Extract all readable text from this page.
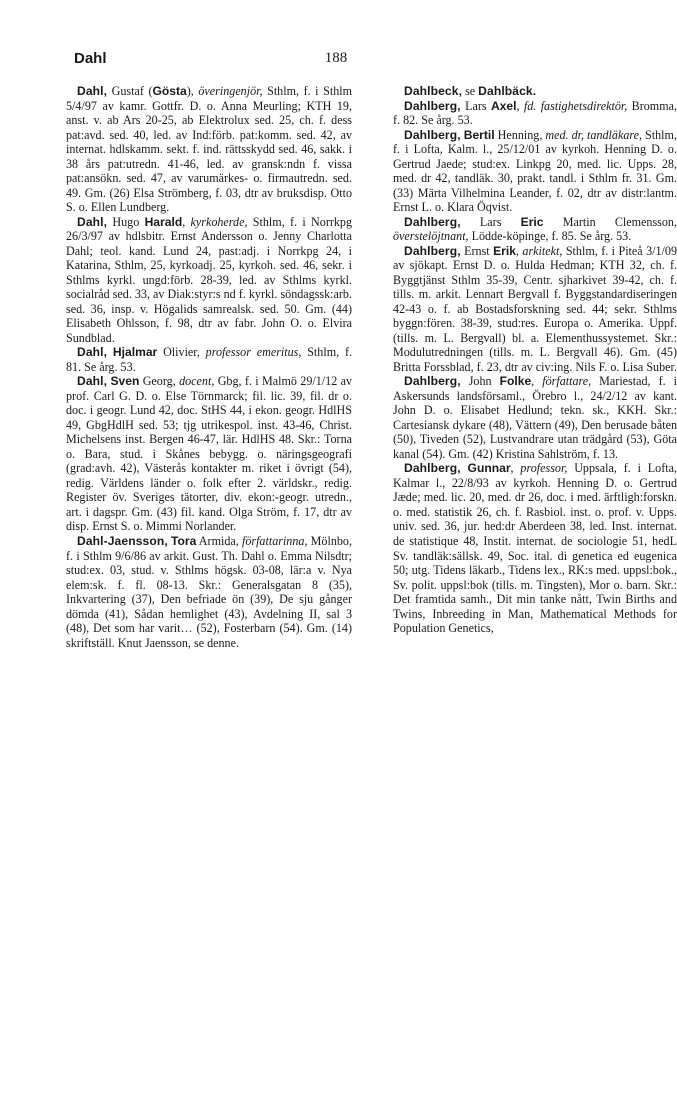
Dahl	188

Dahl, Gustaf (Gösta), överingenjör, Sthlm, f. i Sthlm 5/4/97 av kamr. Gottfr. D. o. Anna Meurling; KTH 19, anst. v. ab Ars 20-25, ab Elektrolux sed. 25, ch. f. dess pat:avd. sed. 40, led. av Ind:förb. pat:komm. sed. 42, av internat. hdlskamm. sekt. f. ind. rättsskydd sed. 46, sakk. i 38 års pat:utredn. 41-46, led. av gransk:ndn f. vissa pat:ansökn. sed. 47, av varumärkes- o. firmautredn. sed. 49. Gm. (26) Elsa Strömberg, f. 03, dtr av bruksdisp. Otto S. o. Ellen Lundberg.

Dahl, Hugo Harald, kyrkoherde, Sthlm, f. i Norrkpg 26/3/97 av hdlsbitr. Ernst Andersson o. Jenny Charlotta Dahl; teol. kand. Lund 24, past:adj. i Norrkpg 24, i Katarina, Sthlm, 25, kyrkoadj. 25, kyrkoh. sed. 46, sekr. i Sthlms kyrkl. ungd:förb. 28-39, led. av Sthlms kyrkl. socialråd sed. 33, av Diak:styr:s nd f. kyrkl. söndagssk:arb. sed. 36, insp. v. Högalids samrealsk. sed. 50. Gm. (44) Elisabeth Ohlsson, f. 98, dtr av fabr. John O. o. Elvira Sundblad.

Dahl, Hjalmar Olivier, professor emeritus, Sthlm, f. 81. Se årg. 53.

Dahl, Sven Georg, docent, Gbg, f. i Malmö 29/1/12 av prof. Carl G. D. o. Else Törnmarck; fil. lic. 39, fil. dr o. doc. i geogr. Lund 42, doc. StHS 44, i ekon. geogr. HdlHS 49, GbgHdlH sed. 53; tjg utrikespol. inst. 43-46, Christ. Michelsens inst. Bergen 46-47, lär. HdlHS 48. Skr.: Torna o. Bara, stud. i Skånes bebygg. o. näringsgeografi (grad:avh. 42), Västerås kontakter m. riket i övrigt (54), redig. Världens länder o. folk efter 2. världskr., redig. Register öv. Sveriges tätorter, div. ekon:-geogr. utredn., art. i dagspr. Gm. (43) fil. kand. Olga Ström, f. 17, dtr av disp. Ernst S. o. Mimmi Norlander.

Dahl-Jaensson, Tora Armida, författarinna, Mölnbo, f. i Sthlm 9/6/86 av arkit. Gust. Th. Dahl o. Emma Nilsdtr; stud:ex. 03, stud. v. Sthlms högsk. 03-08, lär:a v. Nya elem:sk. f. fl. 08-13. Skr.: Generalsgatan 8 (35), Inkvartering (37), Den befriade ön (39), De sju gånger dömda (41), Sådan hemlighet (43), Avdelning II, sal 3 (48), Det som har varit… (52), Fosterbarn (54). Gm. (14) skriftställ. Knut Jaensson, se denne.

Dahlbeck, se Dahlbäck.

Dahlberg, Lars Axel, fd. fastighetsdirektör, Bromma, f. 82. Se årg. 53.

Dahlberg, Bertil Henning, med. dr, tandläkare, Sthlm, f. i Lofta, Kalm. l., 25/12/01 av kyrkoh. Henning D. o. Gertrud Jaede; stud:ex. Linkpg 20, med. lic. Upps. 28, med. dr 42, tandläk. 30, prakt. tandl. i Sthlm fr. 31. Gm. (33) Märta Vilhelmina Leander, f. 02, dtr av distr:lantm. Ernst L. o. Klara Öqvist.

Dahlberg, Lars Eric Martin Clemensson, överstelöjtnant, Lödde-köpinge, f. 85. Se årg. 53.

Dahlberg, Ernst Erik, arkitekt, Sthlm, f. i Piteå 3/1/09 av sjökapt. Ernst D. o. Hulda Hedman; KTH 32, ch. f. Byggtjänst Sthlm 35-39, Centr. sjharkivet 39-42, ch. f. tills. m. arkit. Lennart Bergvall f. Byggstandardiseringen 42-43 o. f. ab Bostadsforskning sed. 44; sekr. Sthlms byggn:fören. 38-39, stud:res. Europa o. Amerika. Uppf. (tills. m. L. Bergvall) bl. a. Elementhussystemet. Skr.: Modulutredningen (tills. m. L. Bergvall 46). Gm. (45) Britta Forssblad, f. 23, dtr av civ:ing. Nils F. o. Lisa Suber.

Dahlberg, John Folke, författare, Mariestad, f. i Askersunds landsförsaml., Örebro l., 24/2/12 av kant. John D. o. Elisabet Hedlund; tekn. sk., KKH. Skr.: Cartesiansk dykare (48), Vättern (49), Den berusade båten (50), Tiveden (52), Lustvandrare utan trädgård (53), Göta kanal (54). Gm. (42) Kristina Sahlström, f. 13.

Dahlberg, Gunnar, professor, Uppsala, f. i Lofta, Kalmar l., 22/8/93 av kyrkoh. Henning D. o. Gertrud Jæde; med. lic. 20, med. dr 26, doc. i med. ärftligh:forskn. o. med. statistik 26, ch. f. Rasbiol. inst. o. prof. v. Upps. univ. sed. 36, jur. hed:dr Aberdeen 38, led. Inst. internat. de statistique 48, Instit. internat. de sociologie 51, hedL Sv. tandläk:sällsk. 49, Soc. ital. di genetica ed eugenica 50; utg. Tidens läkarb., Tidens lex., RK:s med. uppsl:bok., Sv. polit. uppsl:bok (tills. m. Tingsten), Mor o. barn. Skr.: Det framtida samh., Dit min tanke nått, Twin Births and Twins, Inbreeding in Man, Mathematical Methods for Population Genetics,
